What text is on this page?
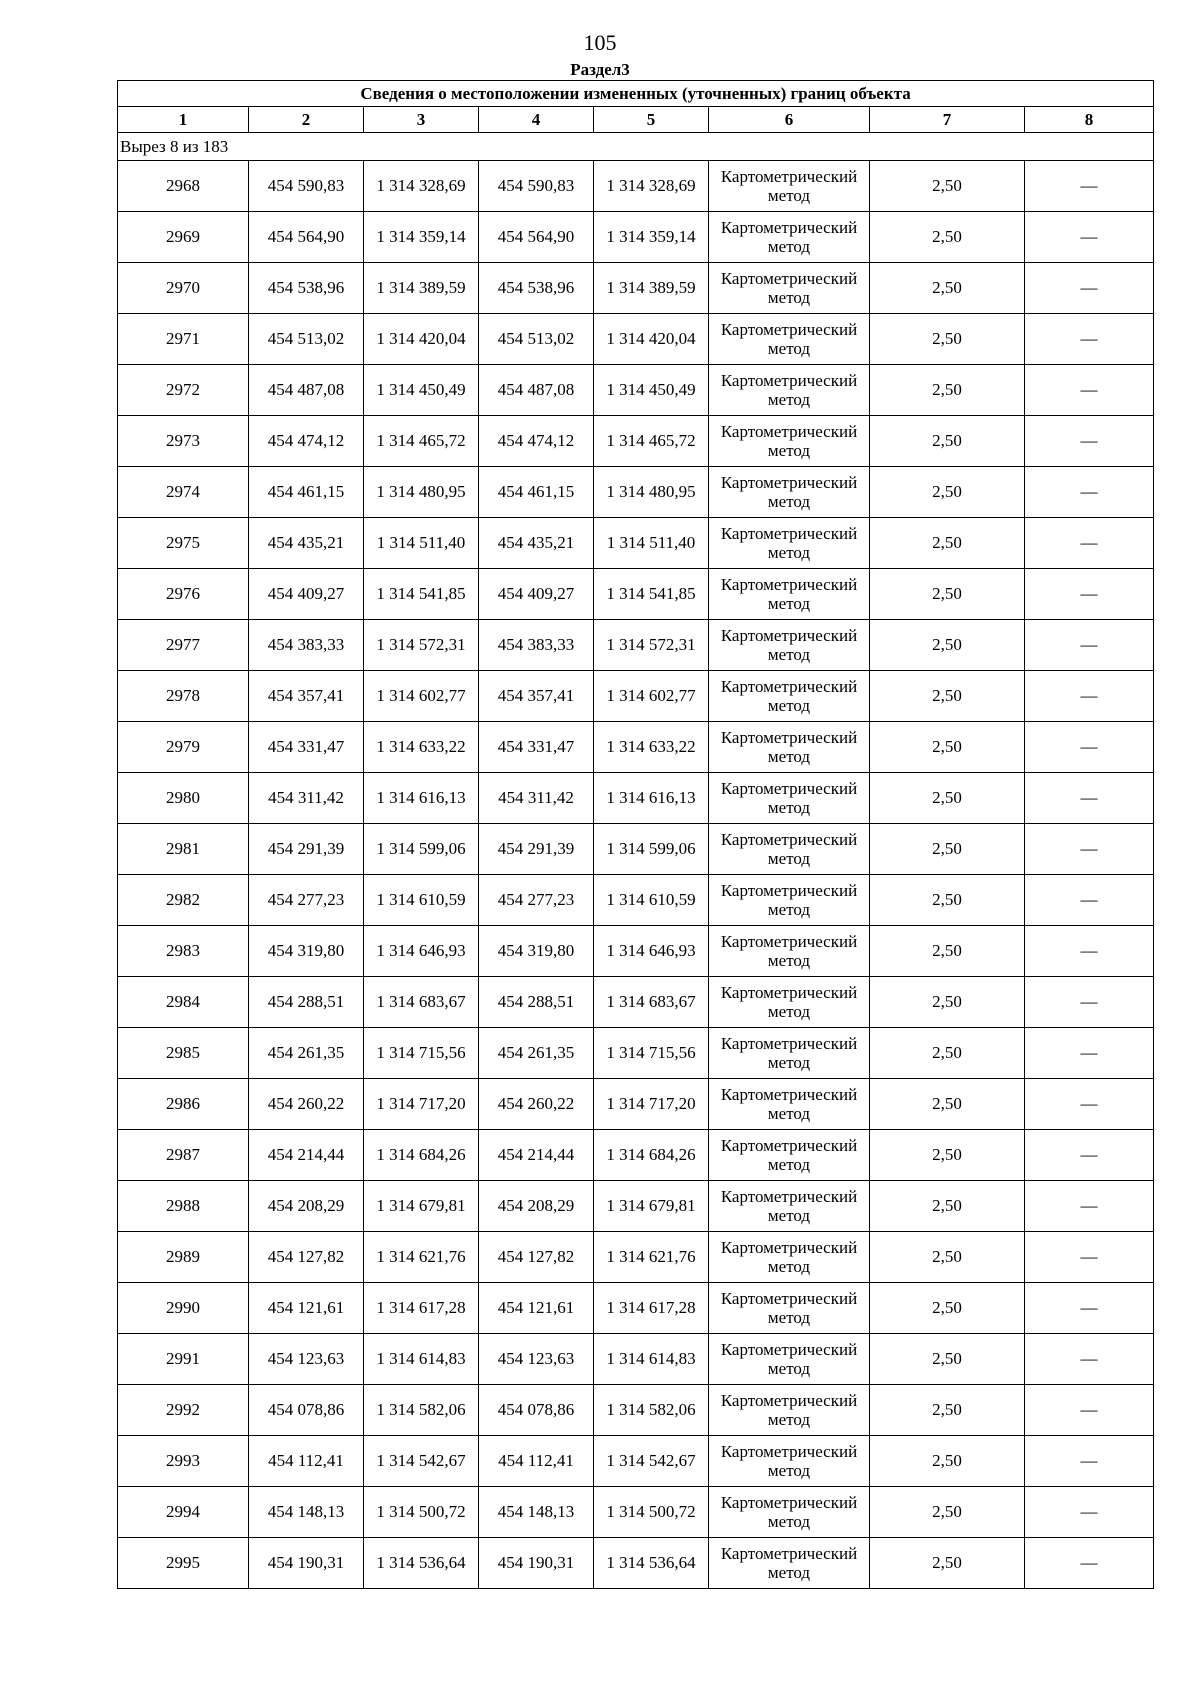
105
Раздел3
Сведения о местоположении измененных (уточненных) границ объекта							
1	2	3	4	5	6	7	8
Вырез 8 из 183							
2968	454 590,83	1 314 328,69	454 590,83	1 314 328,69	Картометрический метод	2,50	—
2969	454 564,90	1 314 359,14	454 564,90	1 314 359,14	Картометрический метод	2,50	—
2970	454 538,96	1 314 389,59	454 538,96	1 314 389,59	Картометрический метод	2,50	—
2971	454 513,02	1 314 420,04	454 513,02	1 314 420,04	Картометрический метод	2,50	—
2972	454 487,08	1 314 450,49	454 487,08	1 314 450,49	Картометрический метод	2,50	—
2973	454 474,12	1 314 465,72	454 474,12	1 314 465,72	Картометрический метод	2,50	—
2974	454 461,15	1 314 480,95	454 461,15	1 314 480,95	Картометрический метод	2,50	—
2975	454 435,21	1 314 511,40	454 435,21	1 314 511,40	Картометрический метод	2,50	—
2976	454 409,27	1 314 541,85	454 409,27	1 314 541,85	Картометрический метод	2,50	—
2977	454 383,33	1 314 572,31	454 383,33	1 314 572,31	Картометрический метод	2,50	—
2978	454 357,41	1 314 602,77	454 357,41	1 314 602,77	Картометрический метод	2,50	—
2979	454 331,47	1 314 633,22	454 331,47	1 314 633,22	Картометрический метод	2,50	—
2980	454 311,42	1 314 616,13	454 311,42	1 314 616,13	Картометрический метод	2,50	—
2981	454 291,39	1 314 599,06	454 291,39	1 314 599,06	Картометрический метод	2,50	—
2982	454 277,23	1 314 610,59	454 277,23	1 314 610,59	Картометрический метод	2,50	—
2983	454 319,80	1 314 646,93	454 319,80	1 314 646,93	Картометрический метод	2,50	—
2984	454 288,51	1 314 683,67	454 288,51	1 314 683,67	Картометрический метод	2,50	—
2985	454 261,35	1 314 715,56	454 261,35	1 314 715,56	Картометрический метод	2,50	—
2986	454 260,22	1 314 717,20	454 260,22	1 314 717,20	Картометрический метод	2,50	—
2987	454 214,44	1 314 684,26	454 214,44	1 314 684,26	Картометрический метод	2,50	—
2988	454 208,29	1 314 679,81	454 208,29	1 314 679,81	Картометрический метод	2,50	—
2989	454 127,82	1 314 621,76	454 127,82	1 314 621,76	Картометрический метод	2,50	—
2990	454 121,61	1 314 617,28	454 121,61	1 314 617,28	Картометрический метод	2,50	—
2991	454 123,63	1 314 614,83	454 123,63	1 314 614,83	Картометрический метод	2,50	—
2992	454 078,86	1 314 582,06	454 078,86	1 314 582,06	Картометрический метод	2,50	—
2993	454 112,41	1 314 542,67	454 112,41	1 314 542,67	Картометрический метод	2,50	—
2994	454 148,13	1 314 500,72	454 148,13	1 314 500,72	Картометрический метод	2,50	—
2995	454 190,31	1 314 536,64	454 190,31	1 314 536,64	Картометрический метод	2,50	—
